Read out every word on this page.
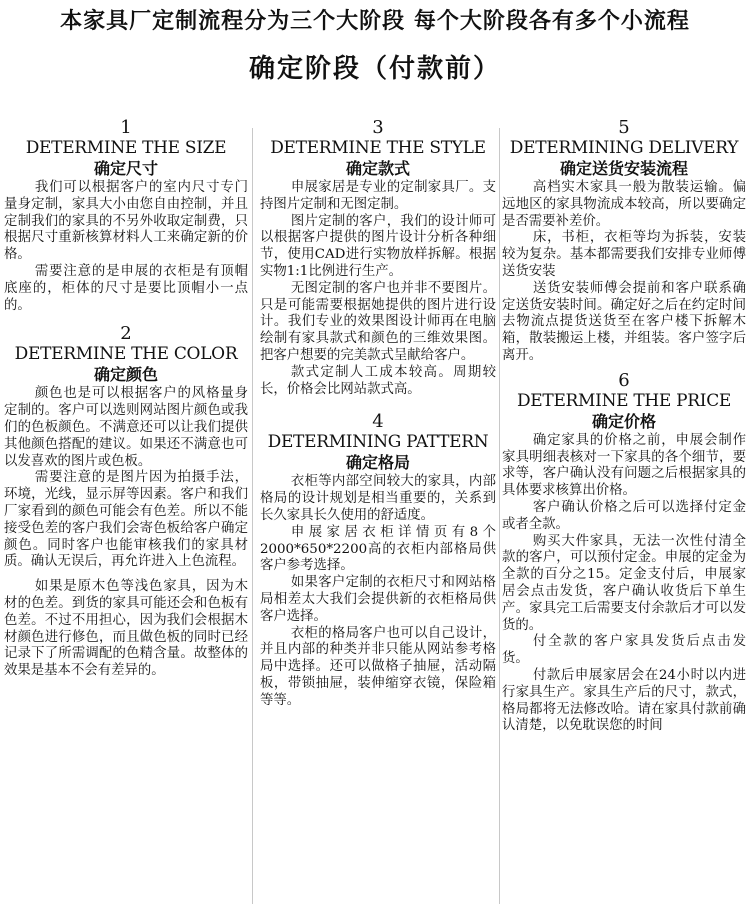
本家具厂定制流程分为三个大阶段 每个大阶段各有多个小流程
确定阶段（付款前）
1
DETERMINE THE SIZE
确定尺寸

我们可以根据客户的室内尺寸专门量身定制，家具大小由您自由控制，并且定制我们的家具的不另外收取定制费，只根据尺寸重新核算材料人工来确定新的价格。

需要注意的是申展的衣柜是有顶帽底座的，柜体的尺寸是要比顶帽小一点的。

2
DETERMINE THE COLOR
确定颜色

颜色也是可以根据客户的风格量身定制的。客户可以选则网站图片颜色或我们的色板颜色。不满意还可以让我们提供其他颜色搭配的建议。如果还不满意也可以发喜欢的图片或色板。

需要注意的是图片因为拍摄手法，环境，光线，显示屏等因素。客户和我们厂家看到的颜色可能会有色差。所以不能接受色差的客户我们会寄色板给客户确定颜色。同时客户也能审核我们的家具材质。确认无误后，再允许进入上色流程。

如果是原木色等浅色家具，因为木材的色差。到货的家具可能还会和色板有色差。不过不用担心，因为我们会根据木材颜色进行修色，而且做色板的同时已经记录下了所需调配的色精含量。故整体的效果是基本不会有差异的。

3
DETERMINE THE STYLE
确定款式

申展家居是专业的定制家具厂。支持图片定制和无图定制。

图片定制的客户，我们的设计师可以根据客户提供的图片设计分析各种细节，使用CAD进行实物放样拆解。根据实物1:1比例进行生产。

无图定制的客户也并非不要图片。只是可能需要根据她提供的图片进行设计。我们专业的效果图设计师再在电脑绘制有家具款式和颜色的三维效果图。把客户想要的完美款式呈献给客户。

款式定制人工成本较高。周期较长，价格会比网站款式高。

4
DETERMINING PATTERN
确定格局

衣柜等内部空间较大的家具，内部格局的设计规划是相当重要的，关系到长久家具长久使用的舒适度。

申展家居衣柜详情页有8个2000*650*2200高的衣柜内部格局供客户参考选择。

如果客户定制的衣柜尺寸和网站格局相差太大我们会提供新的衣柜格局供客户选择。

衣柜的格局客户也可以自己设计，并且内部的种类并非只能从网站参考格局中选择。还可以做格子抽屉，活动隔板，带锁抽屉，装伸缩穿衣镜，保险箱等等。

5
DETERMINING DELIVERY
确定送货安装流程

高档实木家具一般为散装运输。偏远地区的家具物流成本较高，所以要确定是否需要补差价。

床，书柜，衣柜等均为拆装，安装较为复杂。基本都需要我们安排专业师傅送货安装

送货安装师傅会提前和客户联系确定送货安装时间。确定好之后在约定时间去物流点提货送货至在客户楼下拆解木箱，散装搬运上楼，并组装。客户签字后离开。

6
DETERMINE THE PRICE
确定价格

确定家具的价格之前，申展会制作家具明细表核对一下家具的各个细节，要求等，客户确认没有问题之后根据家具的具体要求核算出价格。

客户确认价格之后可以选择付定金或者全款。

购买大件家具，无法一次性付清全款的客户，可以预付定金。申展的定金为全款的百分之15。定金支付后，申展家居会点击发货，客户确认收货后下单生产。家具完工后需要支付余款后才可以发货的。

付全款的客户家具发货后点击发货。

付款后申展家居会在24小时以内进行家具生产。家具生产后的尺寸，款式，格局都将无法修改哈。请在家具付款前确认清楚，以免耽误您的时间
